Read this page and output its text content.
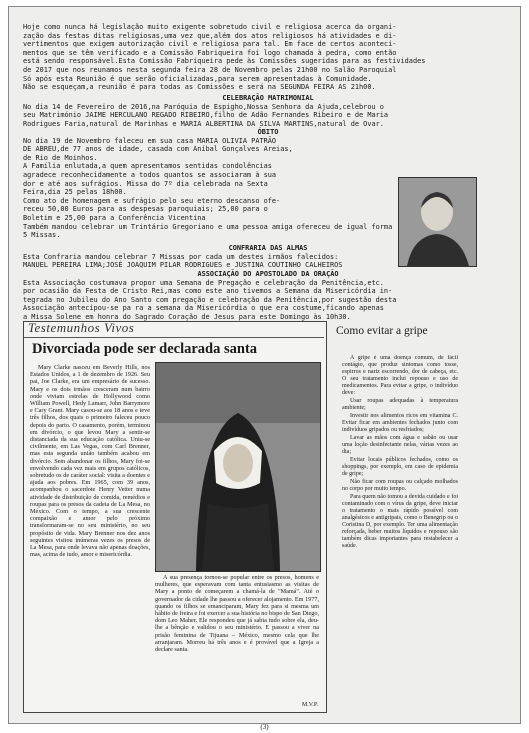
Hoje como nunca há legislação muito exigente sobretudo civil e religiosa acerca da organi-

zação das festas ditas religiosas,uma vez que,além dos atos religiosos há atividades e di-

vertimentos que exigem autorização civil e religiosa para tal. Em face de certos aconteci-

mentos que se têm verificado e a Comissão Fabriqueira foi logo chamada à pedra, como então

está sendo responsável.Esta Comissão Fabriqueira pede às Comissões sugeridas para as festividades

de 2017 que nos reunamos nesta segunda feira 28 de Novembro pelas 21h00 no Salão Paroquial

Só após esta Reunião é que serão oficializadas,para serem apresentadas à Comunidade.

Não se esqueçam,a reunião é para todas as Comissões e será na SEGUNDA FEIRA AS 21h00.

CELEBRAÇÃO MATRIMONIAL

No dia 14 de Fevereiro de 2016,na Paróquia de Espigho,Nossa Senhora da Ajuda,celebrou o

seu Matrimónio JAIME HERCULANO REGADO RIBEIRO,filho de Adão Fernandes Ribeiro e de Maria

Rodrigues Faria,natural de Marinhas e MARIA ALBERTINA DA SILVA MARTINS,natural de Ovar.

ÓBITO

No dia 19 de Novembro faleceu em sua casa MARIA OLIVIA PATRÃO

DE ABREU,de 77 anos de idade, casada com Aníbal Gonçalves Areias,

de Rio de Moinhos.

A Família enlutada,a quem apresentamos sentidas condolências

agradece reconhecidamente a todos quantos se associaram à sua

dor e até aos sufrágios. Missa do 7º dia celebrada na Sexta

Feira,dia 25 pelas 18h00.

Como ato de homenagem e sufrágio pelo seu eterno descanso ofe-

receu 50,00 Euros para as despesas paroquiais; 25,00 para o

Boletim e 25,00 para a Conferência Vicentina

Também mandou celebrar um Trintário Gregoriano e uma pessoa amiga ofereceu de igual forma

5 Missas.

CONFRARIA DAS ALMAS

Esta Confraria mandou celebrar 7 Missas por cada um destes irmãos falecidos:

MANUEL PEREIRA LIMA;JOSÉ JOAQUIM PILAR RODRIGUES e JUSTINA COUTINHO CALHEIROS

ASSOCIAÇÃO DO APOSTOLADO DA ORAÇÃO

Esta Associação costumava propor uma Semana de Pregação e celebração da Penitência,etc.

por ocasião da Festa de Cristo Rei,mas como este ano tivemos a Semana da Misericórdia in-

tegrada no Jubileu do Ano Santo com pregação e celebração da Penitência,por sugestão desta

Associação antecipou-se pa ra a semana da Misericórdia o que era costume,ficando apenas

a Missa Solene em honra do Sagrado Coração de Jesus para este Domingo às 10h30.

Testemunhos Vivos
Divorciada pode ser declarada santa

Mary Clarke nasceu em Beverly Hills, nos Estados Unidos, a 1 de dezembro de 1926. Seu pai, Joe Clarke, era um empresário de sucesso. Mary e os dois irmãos cresceram num bairro onde viviam estrelas de Hollywood como William Powell, Hedy Lamarr, John Barrymore e Cary Grant. Mary casou-se aos 18 anos e teve três filhos, dos quais o primeiro faleceu pouco depois do parto. O casamento, porém, terminou em divórcio, o que levou Mary a sentir-se distanciada da sua educação católica. Uniu-se civilmente, em Las Vegas, com Carl Brenner, mas esta segunda união também acabou em divórcio. Sem abandonar os filhos, Mary foi-se envolvendo cada vez mais em grupos católicos, sobretudo os de caráter social: visita a doentes e ajuda aos pobres. Em 1965, com 39 anos, acompanhou o sacerdote Henry Vetter numa atividade de distribuição de comida, remédios e roupas para os presos da cadeia de La Mesa, no México. Com o tempo, a sua crescente compaixão e amor pelo próximo transformaram-se no seu ministério, no seu propósito de vida. Mary Brenner nos dez anos seguintes visitou inúmeras vezes os presos de La Mesa, para onde levava não apenas doações, mas, acima de tudo, amor e misericórdia.

A sua presença tornou-se popular entre os presos, homens e mulheres, que esperavam com tanta entusiasmo as visitas de Mary a ponto de começarem a chamá-la de "Mamá". Até o governador da cidade lhe passou a oferecer alojamento. Em 1977, quando os filhos se emanciparam, Mary fez para si mesma um hábito de freira e foi exercer a sua história no bispo de San Diego, dom Leo Maher. Ele respondeu que já sabia tudo sobre ela, deu-lhe a bênção e validou o seu ministério. E passou a viver na prisão feminina de Tijuana – México, mesmo cela que lhe arranjaram. Morreu há três anos e é provável que a Igreja a declare santa.

M.V.P.
Como evitar a gripe

A gripe é uma doença comum, de fácil contágio, que produz sintomas como tosse, espirros e nariz escorrendo, dor de cabeça, etc. O seu tratamento inclui repouso e uso de medicamentos. Para evitar a gripe, o indivíduo deve:

Usar roupas adequadas à temperatura ambiente;

Investir nos alimentos ricos em vitamina C. Evitar ficar em ambientes fechados junto com indivíduos gripados ou resfriados;

Lavar as mãos com água e sabão ou usar uma loção desinfectante nelas, várias vezes ao dia;

Evitar locais públicos fechados, como os shoppings, por exemplo, em caso de epidemia de gripe;

Não ficar com roupas ou calçado molhados no corpo por muito tempo.

Para quem não tomou a devida cuidado e foi contaminado com o vírus da gripe, deve iniciar o tratamento o mais rápido possível com analgésicos e antigripais, como o Benegrip ou o Coristina D, por exemplo. Ter uma alimentação reforçada, beber muitos líquidos e repouso são também dicas importantes para restabelecer a saúde.

(3)
